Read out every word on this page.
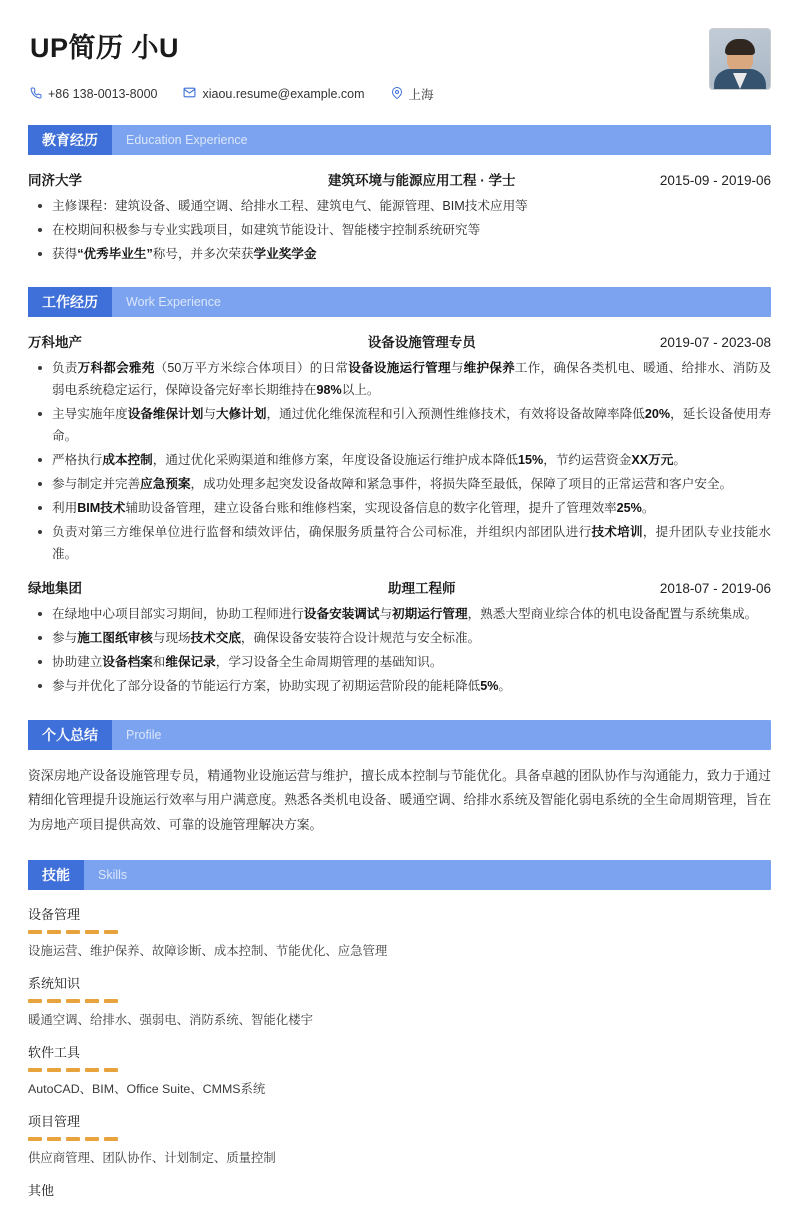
UP简历 小U
+86 138-0013-8000	xiaou.resume@example.com	上海
教育经历	Education Experience
同济大学	建筑环境与能源应用工程 · 学士	2015-09 - 2019-06
主修课程：建筑设备、暖通空调、给排水工程、建筑电气、能源管理、BIM技术应用等
在校期间积极参与专业实践项目，如建筑节能设计、智能楼宇控制系统研究等
获得“优秀毕业生”称号，并多次荣获学业奖学金
工作经历	Work Experience
万科地产	设备设施管理专员	2019-07 - 2023-08
负责万科都会雅苑（50万平方米综合体项目）的日常设备设施运行管理与维护保养工作，确保各类机电、暖通、给排水、消防及弱电系统稳定运行，保障设备完好率长期维持在98%以上。
主导实施年度设备维保计划与大修计划，通过优化维保流程和引入预测性维修技术，有效将设备故障率降低20%，延长设备使用寿命。
严格执行成本控制，通过优化采购渠道和维修方案，年度设备设施运行维护成本降低15%，节约运营资金XX万元。
参与制定并完善应急预案，成功处理多起突发设备故障和紧急事件，将损失降至最低，保障了项目的正常运营和客户安全。
利用BIM技术辅助设备管理，建立设备台账和维修档案，实现设备信息的数字化管理，提升了管理效率25%。
负责对第三方维保单位进行监督和绩效评估，确保服务质量符合公司标准，并组织内部团队进行技术培训，提升团队专业技能水准。
绿地集团	助理工程师	2018-07 - 2019-06
在绿地中心项目部实习期间，协助工程师进行设备安装调试与初期运行管理，熟悉大型商业综合体的机电设备配置与系统集成。
参与施工图纸审核与现场技术交底，确保设备安装符合设计规范与安全标准。
协助建立设备档案和维保记录，学习设备全生命周期管理的基础知识。
参与并优化了部分设备的节能运行方案，协助实现了初期运营阶段的能耗降低5%。
个人总结	Profile
资深房地产设备设施管理专员，精通物业设施运营与维护，擅长成本控制与节能优化。具备卓越的团队协作与沟通能力，致力于通过精细化管理提升设施运行效率与用户满意度。熟悉各类机电设备、暖通空调、给排水系统及智能化弱电系统的全生命周期管理，旨在为房地产项目提供高效、可靠的设施管理解决方案。
技能	Skills
设备管理
设施运营、维护保养、故障诊断、成本控制、节能优化、应急管理
系统知识
暖通空调、给排水、强弱电、消防系统、智能化楼宇
软件工具
AutoCAD、BIM、Office Suite、CMMS系统
项目管理
供应商管理、团队协作、计划制定、质量控制
其他
